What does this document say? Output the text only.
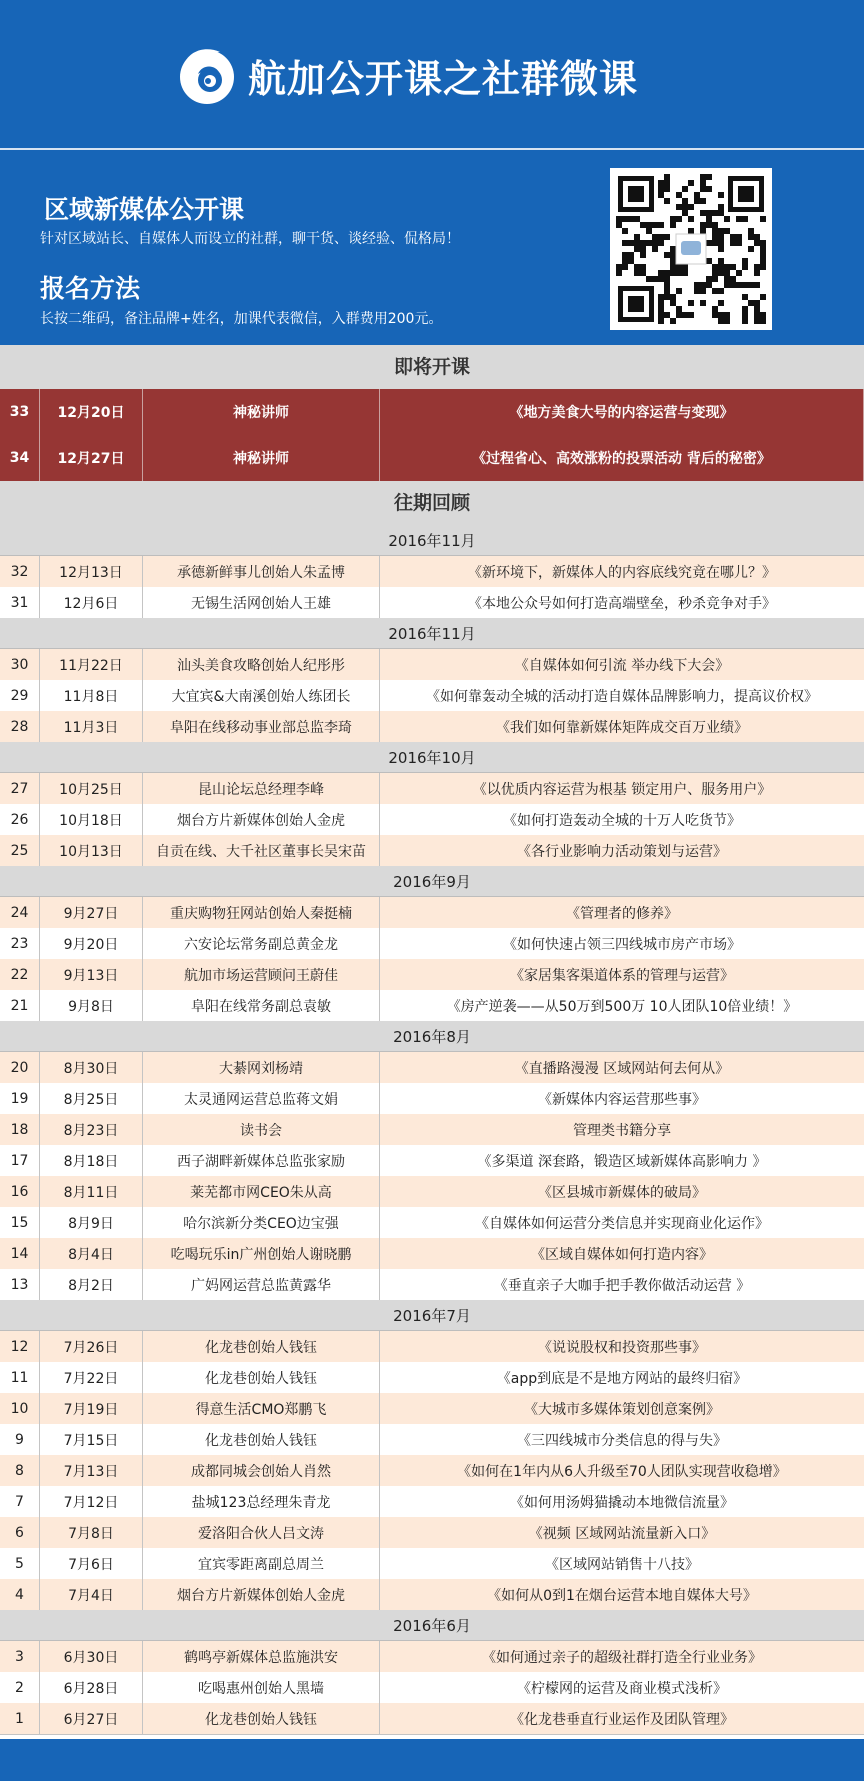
航加公开课之社群微课
区域新媒体公开课
针对区域站长、自媒体人而设立的社群，聊干货、谈经验、侃格局！
报名方法
长按二维码，备注品牌+姓名，加课代表微信，入群费用200元。
即将开课
33	12月20日	神秘讲师	《地方美食大号的内容运营与变现》
34	12月27日	神秘讲师	《过程省心、高效涨粉的投票活动 背后的秘密》
往期回顾
2016年11月
32	12月13日	承德新鲜事儿创始人朱孟博	《新环境下，新媒体人的内容底线究竟在哪儿？》
31	12月6日	无锡生活网创始人王雄	《本地公众号如何打造高端壁垒，秒杀竞争对手》
2016年11月
30	11月22日	汕头美食攻略创始人纪彤彤	《自媒体如何引流 举办线下大会》
29	11月8日	大宜宾&大南溪创始人练团长	《如何靠轰动全城的活动打造自媒体品牌影响力，提高议价权》
28	11月3日	阜阳在线移动事业部总监李琦	《我们如何靠新媒体矩阵成交百万业绩》
2016年10月
27	10月25日	昆山论坛总经理李峰	《以优质内容运营为根基 锁定用户、服务用户》
26	10月18日	烟台方片新媒体创始人金虎	《如何打造轰动全城的十万人吃货节》
25	10月13日	自贡在线、大千社区董事长吴宋苗	《各行业影响力活动策划与运营》
2016年9月
24	9月27日	重庆购物狂网站创始人秦挺楠	《管理者的修养》
23	9月20日	六安论坛常务副总黄金龙	《如何快速占领三四线城市房产市场》
22	9月13日	航加市场运营顾问王蔚佳	《家居集客渠道体系的管理与运营》
21	9月8日	阜阳在线常务副总袁敏	《房产逆袭——从50万到500万 10人团队10倍业绩！》
2016年8月
20	8月30日	大綦网刘杨靖	《直播路漫漫 区域网站何去何从》
19	8月25日	太灵通网运营总监蒋文娟	《新媒体内容运营那些事》
18	8月23日	读书会	管理类书籍分享
17	8月18日	西子湖畔新媒体总监张家励	《多渠道 深套路，锻造区域新媒体高影响力 》
16	8月11日	莱芜都市网CEO朱从高	《区县城市新媒体的破局》
15	8月9日	哈尔滨新分类CEO边宝强	《自媒体如何运营分类信息并实现商业化运作》
14	8月4日	吃喝玩乐in广州创始人谢晓鹏	《区域自媒体如何打造内容》
13	8月2日	广妈网运营总监黄露华	《垂直亲子大咖手把手教你做活动运营 》
2016年7月
12	7月26日	化龙巷创始人钱钰	《说说股权和投资那些事》
11	7月22日	化龙巷创始人钱钰	《app到底是不是地方网站的最终归宿》
10	7月19日	得意生活CMO郑鹏飞	《大城市多媒体策划创意案例》
9	7月15日	化龙巷创始人钱钰	《三四线城市分类信息的得与失》
8	7月13日	成都同城会创始人肖然	《如何在1年内从6人升级至70人团队实现营收稳增》
7	7月12日	盐城123总经理朱青龙	《如何用汤姆猫撬动本地微信流量》
6	7月8日	爱洛阳合伙人吕文涛	《视频 区域网站流量新入口》
5	7月6日	宜宾零距离副总周兰	《区域网站销售十八技》
4	7月4日	烟台方片新媒体创始人金虎	《如何从0到1在烟台运营本地自媒体大号》
2016年6月
3	6月30日	鹤鸣亭新媒体总监施洪安	《如何通过亲子的超级社群打造全行业业务》
2	6月28日	吃喝惠州创始人黑墙	《柠檬网的运营及商业模式浅析》
1	6月27日	化龙巷创始人钱钰	《化龙巷垂直行业运作及团队管理》
